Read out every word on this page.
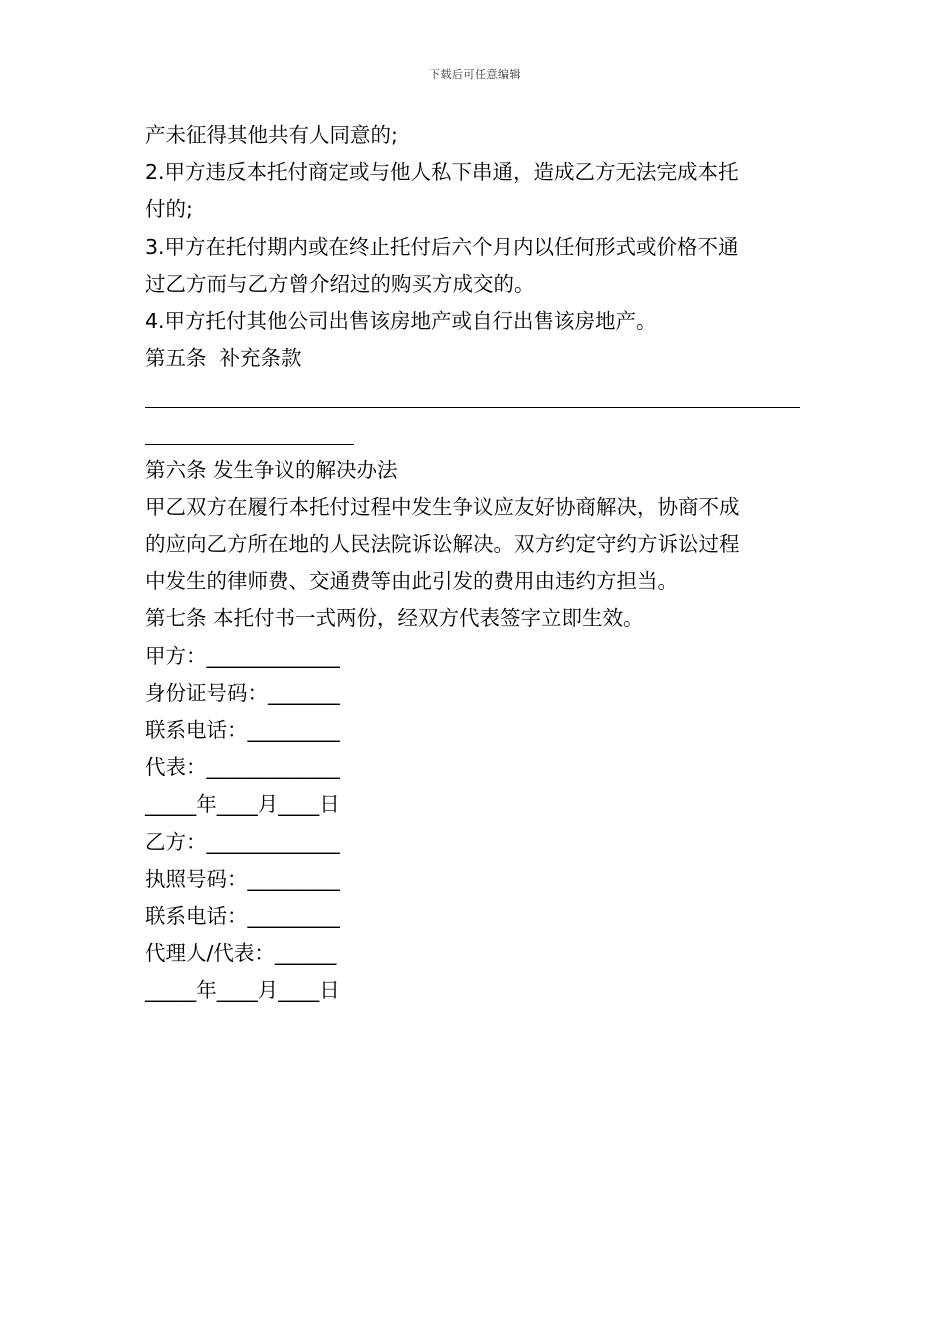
下载后可任意编辑
产未征得其他共有人同意的;
2.甲方违反本托付商定或与他人私下串通，造成乙方无法完成本托
付的;
3.甲方在托付期内或在终止托付后六个月内以任何形式或价格不通
过乙方而与乙方曾介绍过的购买方成交的。
4.甲方托付其他公司出售该房地产或自行出售该房地产。
第五条  补充条款
第六条 发生争议的解决办法
甲乙双方在履行本托付过程中发生争议应友好协商解决，协商不成
的应向乙方所在地的人民法院诉讼解决。双方约定守约方诉讼过程
中发生的律师费、交通费等由此引发的费用由违约方担当。
第七条 本托付书一式两份，经双方代表签字立即生效。
甲方：_____________
身份证号码：_______
联系电话：_________
代表：_____________
_____年____月____日
乙方：_____________
执照号码：_________
联系电话：_________
代理人/代表：______
_____年____月____日
